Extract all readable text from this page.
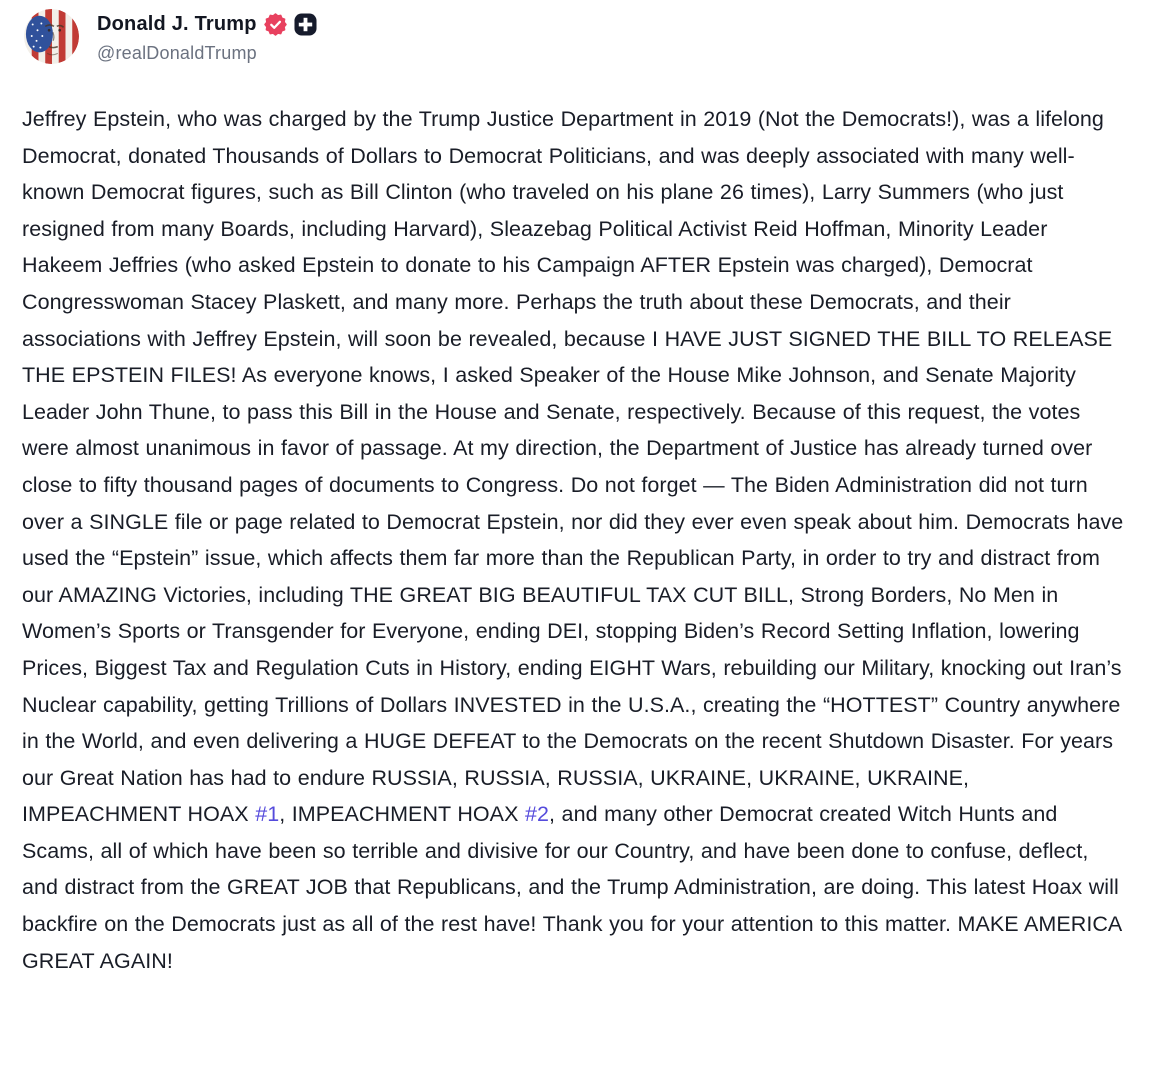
Donald J. Trump
@realDonaldTrump
Jeffrey Epstein, who was charged by the Trump Justice Department in 2019 (Not the Democrats!), was a lifelong Democrat, donated Thousands of Dollars to Democrat Politicians, and was deeply associated with many well-known Democrat figures, such as Bill Clinton (who traveled on his plane 26 times), Larry Summers (who just resigned from many Boards, including Harvard), Sleazebag Political Activist Reid Hoffman, Minority Leader Hakeem Jeffries (who asked Epstein to donate to his Campaign AFTER Epstein was charged), Democrat Congresswoman Stacey Plaskett, and many more. Perhaps the truth about these Democrats, and their associations with Jeffrey Epstein, will soon be revealed, because I HAVE JUST SIGNED THE BILL TO RELEASE THE EPSTEIN FILES! As everyone knows, I asked Speaker of the House Mike Johnson, and Senate Majority Leader John Thune, to pass this Bill in the House and Senate, respectively. Because of this request, the votes were almost unanimous in favor of passage. At my direction, the Department of Justice has already turned over close to fifty thousand pages of documents to Congress. Do not forget — The Biden Administration did not turn over a SINGLE file or page related to Democrat Epstein, nor did they ever even speak about him. Democrats have used the “Epstein” issue, which affects them far more than the Republican Party, in order to try and distract from our AMAZING Victories, including THE GREAT BIG BEAUTIFUL TAX CUT BILL, Strong Borders, No Men in Women’s Sports or Transgender for Everyone, ending DEI, stopping Biden’s Record Setting Inflation, lowering Prices, Biggest Tax and Regulation Cuts in History, ending EIGHT Wars, rebuilding our Military, knocking out Iran’s Nuclear capability, getting Trillions of Dollars INVESTED in the U.S.A., creating the “HOTTEST” Country anywhere in the World, and even delivering a HUGE DEFEAT to the Democrats on the recent Shutdown Disaster. For years our Great Nation has had to endure RUSSIA, RUSSIA, RUSSIA, UKRAINE, UKRAINE, UKRAINE, IMPEACHMENT HOAX #1, IMPEACHMENT HOAX #2, and many other Democrat created Witch Hunts and Scams, all of which have been so terrible and divisive for our Country, and have been done to confuse, deflect, and distract from the GREAT JOB that Republicans, and the Trump Administration, are doing. This latest Hoax will backfire on the Democrats just as all of the rest have! Thank you for your attention to this matter. MAKE AMERICA GREAT AGAIN!
